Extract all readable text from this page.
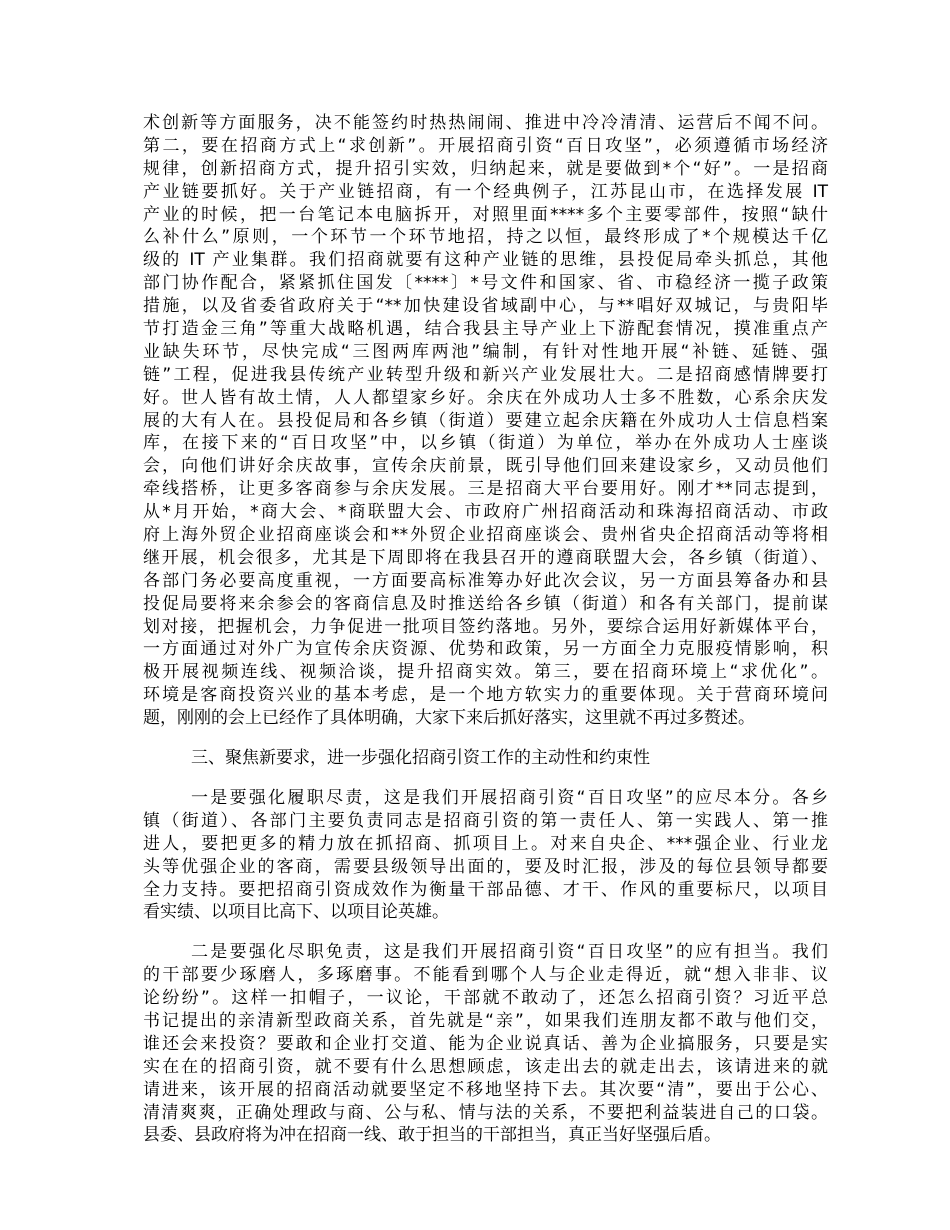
术创新等方面服务，决不能签约时热热闹闹、推进中冷冷清清、运营后不闻不问。
第二，要在招商方式上“求创新”。开展招商引资“百日攻坚”，必须遵循市场经济
规律，创新招商方式，提升招引实效，归纳起来，就是要做到*个“好”。一是招商
产业链要抓好。关于产业链招商，有一个经典例子，江苏昆山市，在选择发展 IT
产业的时候，把一台笔记本电脑拆开，对照里面****多个主要零部件，按照“缺什
么补什么”原则，一个环节一个环节地招，持之以恒，最终形成了*个规模达千亿
级的 IT 产业集群。我们招商就要有这种产业链的思维，县投促局牵头抓总，其他
部门协作配合，紧紧抓住国发〔****〕*号文件和国家、省、市稳经济一揽子政策
措施，以及省委省政府关于“**加快建设省域副中心，与**唱好双城记，与贵阳毕
节打造金三角”等重大战略机遇，结合我县主导产业上下游配套情况，摸准重点产
业缺失环节，尽快完成“三图两库两池”编制，有针对性地开展“补链、延链、强
链”工程，促进我县传统产业转型升级和新兴产业发展壮大。二是招商感情牌要打
好。世人皆有故土情，人人都望家乡好。余庆在外成功人士多不胜数，心系余庆发
展的大有人在。县投促局和各乡镇（街道）要建立起余庆籍在外成功人士信息档案
库，在接下来的“百日攻坚”中，以乡镇（街道）为单位，举办在外成功人士座谈
会，向他们讲好余庆故事，宣传余庆前景，既引导他们回来建设家乡，又动员他们
牵线搭桥，让更多客商参与余庆发展。三是招商大平台要用好。刚才**同志提到，
从*月开始，*商大会、*商联盟大会、市政府广州招商活动和珠海招商活动、市政
府上海外贸企业招商座谈会和**外贸企业招商座谈会、贵州省央企招商活动等将相
继开展，机会很多，尤其是下周即将在我县召开的遵商联盟大会，各乡镇（街道）、
各部门务必要高度重视，一方面要高标准筹办好此次会议，另一方面县筹备办和县
投促局要将来余参会的客商信息及时推送给各乡镇（街道）和各有关部门，提前谋
划对接，把握机会，力争促进一批项目签约落地。另外，要综合运用好新媒体平台，
一方面通过对外广为宣传余庆资源、优势和政策，另一方面全力克服疫情影响，积
极开展视频连线、视频洽谈，提升招商实效。第三，要在招商环境上“求优化”。
环境是客商投资兴业的基本考虑，是一个地方软实力的重要体现。关于营商环境问
题，刚刚的会上已经作了具体明确，大家下来后抓好落实，这里就不再过多赘述。
三、聚焦新要求，进一步强化招商引资工作的主动性和约束性
一是要强化履职尽责，这是我们开展招商引资“百日攻坚”的应尽本分。各乡
镇（街道）、各部门主要负责同志是招商引资的第一责任人、第一实践人、第一推
进人，要把更多的精力放在抓招商、抓项目上。对来自央企、***强企业、行业龙
头等优强企业的客商，需要县级领导出面的，要及时汇报，涉及的每位县领导都要
全力支持。要把招商引资成效作为衡量干部品德、才干、作风的重要标尺，以项目
看实绩、以项目比高下、以项目论英雄。
二是要强化尽职免责，这是我们开展招商引资“百日攻坚”的应有担当。我们
的干部要少琢磨人，多琢磨事。不能看到哪个人与企业走得近，就“想入非非、议
论纷纷”。这样一扣帽子，一议论，干部就不敢动了，还怎么招商引资？习近平总
书记提出的亲清新型政商关系，首先就是“亲”，如果我们连朋友都不敢与他们交，
谁还会来投资？要敢和企业打交道、能为企业说真话、善为企业搞服务，只要是实
实在在的招商引资，就不要有什么思想顾虑，该走出去的就走出去，该请进来的就
请进来，该开展的招商活动就要坚定不移地坚持下去。其次要“清”，要出于公心、
清清爽爽，正确处理政与商、公与私、情与法的关系，不要把利益装进自己的口袋。
县委、县政府将为冲在招商一线、敢于担当的干部担当，真正当好坚强后盾。
